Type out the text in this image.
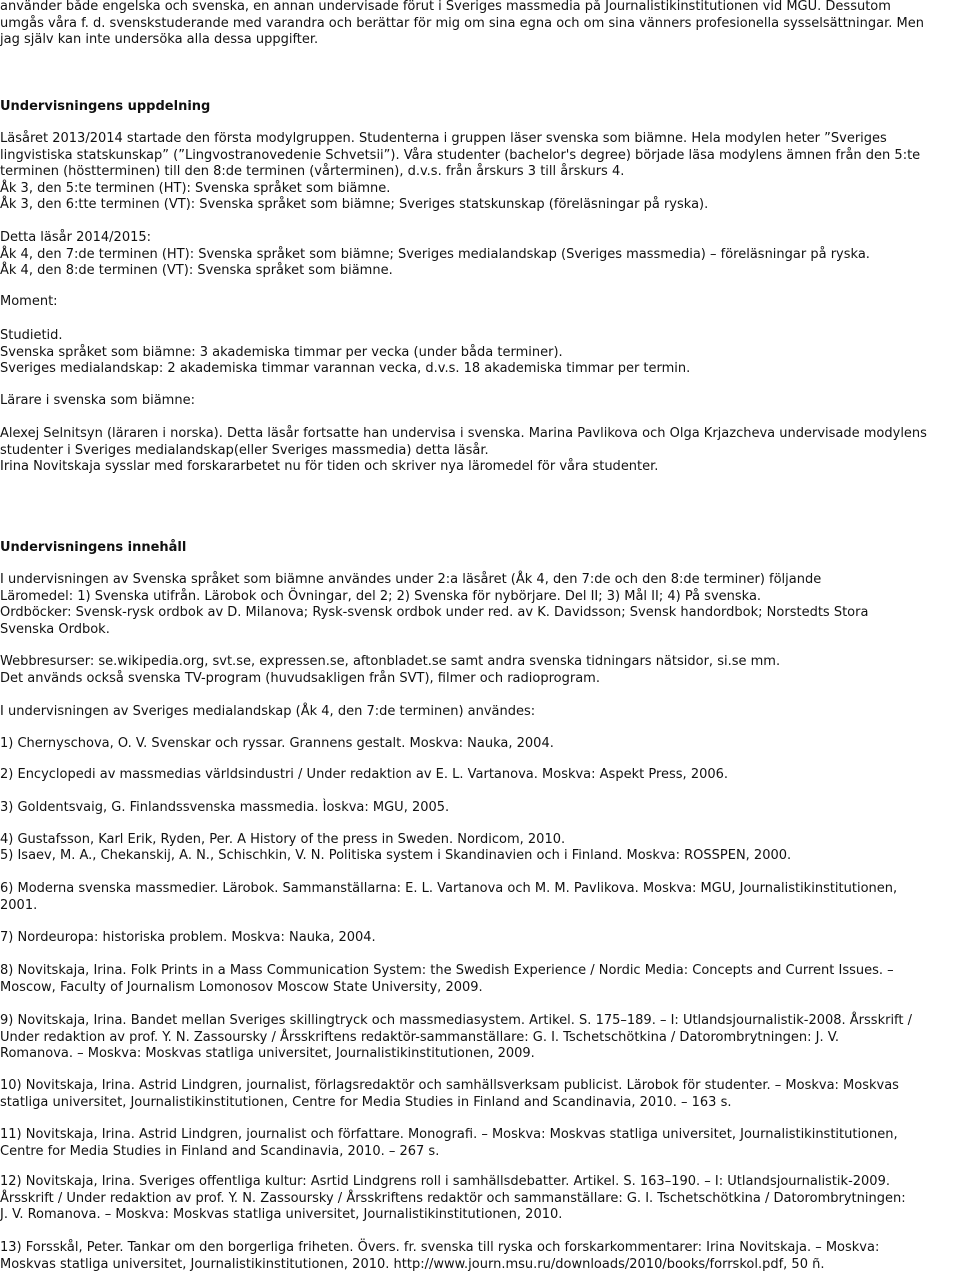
använder både engelska och svenska, en annan undervisade förut i Sveriges massmedia på Journalistikinstitutionen vid MGU. Dessutom

umgås våra f. d. svenskstuderande med varandra och berättar för mig om sina egna och om sina vänners profesionella sysselsättningar. Men

jag själv kan inte undersöka alla dessa uppgifter.

Undervisningens uppdelning

Läsåret 2013/2014 startade den första modylgruppen. Studenterna i gruppen läser svenska som biämne. Hela modylen heter ”Sveriges

lingvistiska statskunskap” (”Lingvostranovedenie Schvetsii”). Våra studenter (bachelor's degree) började läsa modylens ämnen från den 5:te

terminen (höstterminen) till den 8:de terminen (vårterminen), d.v.s. från årskurs 3 till årskurs 4.

Åk 3, den 5:te terminen (HT): Svenska språket som biämne.

Åk 3, den 6:tte terminen (VT): Svenska språket som biämne; Sveriges statskunskap (föreläsningar på ryska).

Detta läsår 2014/2015:

Åk 4, den 7:de terminen (HT): Svenska språket som biämne; Sveriges medialandskap (Sveriges massmedia) – föreläsningar på ryska.

Åk 4, den 8:de terminen (VT): Svenska språket som biämne.

Moment:

Studietid.

Svenska språket som biämne: 3 akademiska timmar per vecka (under båda terminer).

Sveriges medialandskap: 2 akademiska timmar varannan vecka, d.v.s. 18 akademiska timmar per termin.

Lärare i svenska som biämne:

Alexej Selnitsyn (läraren i norska). Detta läsår fortsatte han undervisa i svenska. Marina Pavlikova och Olga Krjazcheva undervisade modylens

studenter i Sveriges medialandskap(eller Sveriges massmedia) detta läsår.

Irina Novitskaja sysslar med forskararbetet nu för tiden och skriver nya läromedel för våra studenter.

Undervisningens innehåll

I undervisningen av Svenska språket som biämne användes under 2:a läsåret (Åk 4, den 7:de och den 8:de terminer) följande

Läromedel: 1) Svenska utifrån. Lärobok och Övningar, del 2; 2) Svenska för nybörjare. Del II; 3) Mål II; 4) På svenska.

Ordböcker: Svensk-rysk ordbok av D. Milanova; Rysk-svensk ordbok under red. av K. Davidsson; Svensk handordbok; Norstedts Stora

Svenska Ordbok.

Webbresurser: se.wikipedia.org, svt.se, expressen.se, aftonbladet.se samt andra svenska tidningars nätsidor, si.se mm.

Det används också svenska TV-program (huvudsakligen från SVT), filmer och radioprogram.

I undervisningen av Sveriges medialandskap (Åk 4, den 7:de terminen) användes:

1) Chernyschova, O. V. Svenskar och ryssar. Grannens gestalt. Moskva: Nauka, 2004.

2) Encyclopedi av massmedias världsindustri / Under redaktion av E. L. Vartanova. Moskva: Aspekt Press, 2006.

3) Goldentsvaig, G. Finlandssvenska massmedia. Ìoskva: MGU, 2005.

4) Gustafsson, Karl Erik, Ryden, Per. A History of the press in Sweden. Nordicom, 2010.

5) Isaev, M. A., Chekanskij, A. N., Schischkin, V. N. Politiska system i Skandinavien och i Finland. Moskva: ROSSPEN, 2000.

6) Moderna svenska massmedier. Lärobok. Sammanställarna: E. L. Vartanova och M. M. Pavlikova. Moskva: MGU, Journalistikinstitutionen,

2001.

7) Nordeuropa: historiska problem. Moskva: Nauka, 2004.

8) Novitskaja, Irina. Folk Prints in a Mass Communication System: the Swedish Experience / Nordic Media: Concepts and Current Issues. –

Moscow, Faculty of Journalism Lomonosov Moscow State University, 2009.

9) Novitskaja, Irina. Bandet mellan Sveriges skillingtryck och massmediasystem. Artikel. S. 175–189. – I: Utlandsjournalistik-2008. Årsskrift /

Under redaktion av prof. Y. N. Zassoursky / Årsskriftens redaktör-sammanställare: G. I. Tschetschötkina / Datorombrytningen: J. V.

Romanova. – Moskva: Moskvas statliga universitet, Journalistikinstitutionen, 2009.

10) Novitskaja, Irina. Astrid Lindgren, journalist, förlagsredaktör och samhällsverksam publicist. Lärobok för studenter. – Moskva: Moskvas

statliga universitet, Journalistikinstitutionen, Centre for Media Studies in Finland and Scandinavia, 2010. – 163 s.

11) Novitskaja, Irina. Astrid Lindgren, journalist och författare. Monografi. – Moskva: Moskvas statliga universitet, Journalistikinstitutionen,

Centre for Media Studies in Finland and Scandinavia, 2010. – 267 s.

12) Novitskaja, Irina. Sveriges offentliga kultur: Asrtid Lindgrens roll i samhällsdebatter. Artikel. S. 163–190. – I: Utlandsjournalistik-2009.

Årsskrift / Under redaktion av prof. Y. N. Zassoursky / Årsskriftens redaktör och sammanställare: G. I. Tschetschötkina / Datorombrytningen:

J. V. Romanova. – Moskva: Moskvas statliga universitet, Journalistikinstitutionen, 2010.

13) Forsskål, Peter. Tankar om den borgerliga friheten. Övers. fr. svenska till ryska och forskarkommentarer: Irina Novitskaja. – Moskva:

Moskvas statliga universitet, Journalistikinstitutionen, 2010. http://www.journ.msu.ru/downloads/2010/books/forrskol.pdf, 50 ñ.
